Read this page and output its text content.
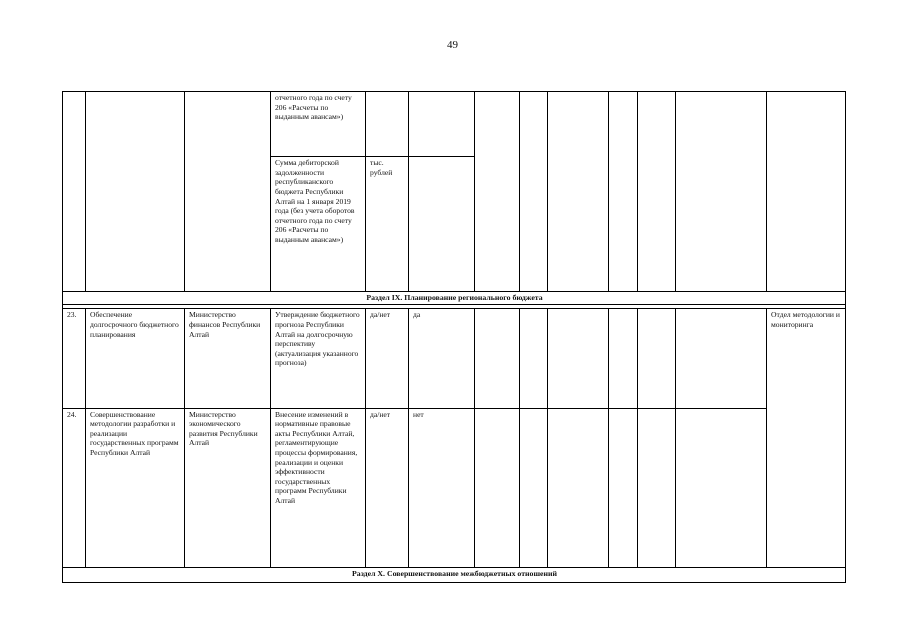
49
			отчетного года по счету 206 «Расчеты по выданным авансам»)									
			Сумма дебиторской задолженности республиканского бюджета Республики Алтай на 1 января 2019 года (без учета оборотов отчетного года по счету 206 «Расчеты по выданным авансам»)	тыс. рублей								
Раздел IX. Планирование регионального бюджета												

23.	Обеспечение долгосрочного бюджетного планирования	Министерство финансов Республики Алтай	Утверждение бюджетного прогноза Республики Алтай на долгосрочную перспективу (актуализация указанного прогноза)	да/нет	да							Отдел методологии и мониторинга
24.	Совершенствование методологии разработки и реализации государственных программ Республики Алтай	Министерство экономического развития Республики Алтай	Внесение изменений в нормативные правовые акты Республики Алтай, регламентирующие процессы формирования, реализации и оценки эффективности государственных программ Республики Алтай	да/нет	нет							
Раздел X. Совершенствование межбюджетных отношений												
